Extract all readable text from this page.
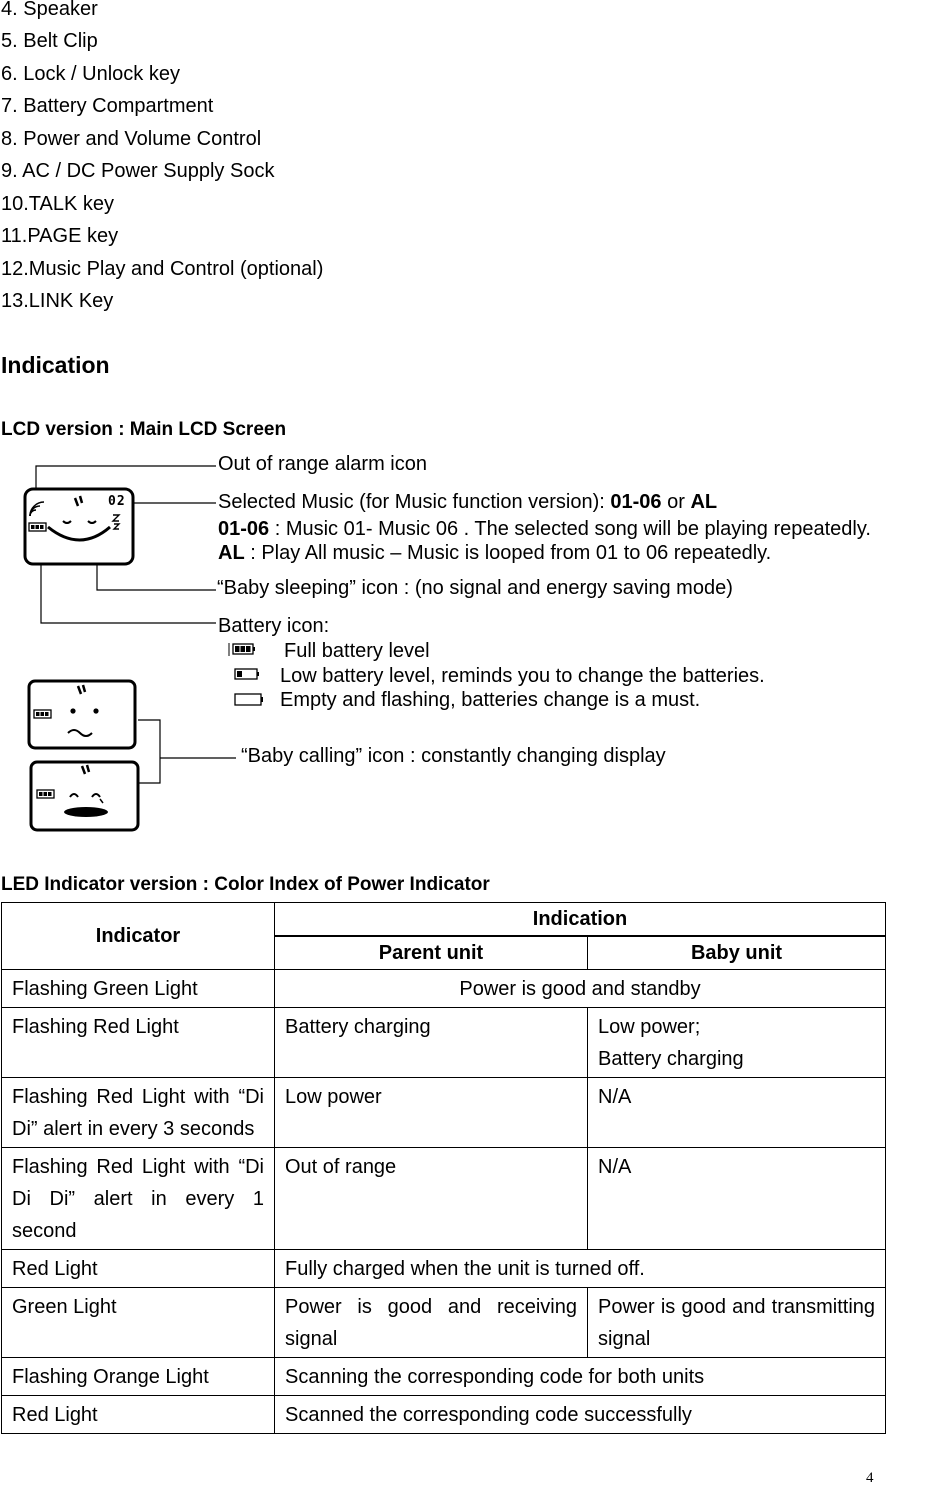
4. Speaker
5. Belt Clip
6. Lock / Unlock key
7. Battery Compartment
8. Power and Volume Control
9. AC / DC Power Supply Sock
10.TALK key
11.PAGE key
12.Music Play and Control (optional)
13.LINK Key
Indication
LCD version : Main LCD Screen
Out of range alarm icon
Selected Music (for Music function version): 01-06 or AL
01-06 : Music 01- Music 06 . The selected song will be playing repeatedly.
AL : Play All music – Music is looped from 01 to 06 repeatedly.
“Baby sleeping” icon : (no signal and energy saving mode)
Battery icon:
Full battery level
Low battery level, reminds you to change the batteries.
Empty and flashing, batteries change is a must.
“Baby calling” icon : constantly changing display
02
LED Indicator version : Color Index of Power Indicator
Indicator	Indication	
	Parent unit	Baby unit
Flashing Green Light	Power is good and standby	
Flashing Red Light	Battery charging	Low power;
Battery charging

Flashing Red Light with “Di Di” alert in every 3 seconds	Low power	N/A
Flashing Red Light with “Di Di Di” alert in every 1 second	Out of range	N/A
Red Light	Fully charged when the unit is turned off.	
Green Light	Power is good and receiving signal	Power is good and transmitting signal
Flashing Orange Light	Scanning the corresponding code for both units	
Red Light	Scanned the corresponding code successfully	
4
